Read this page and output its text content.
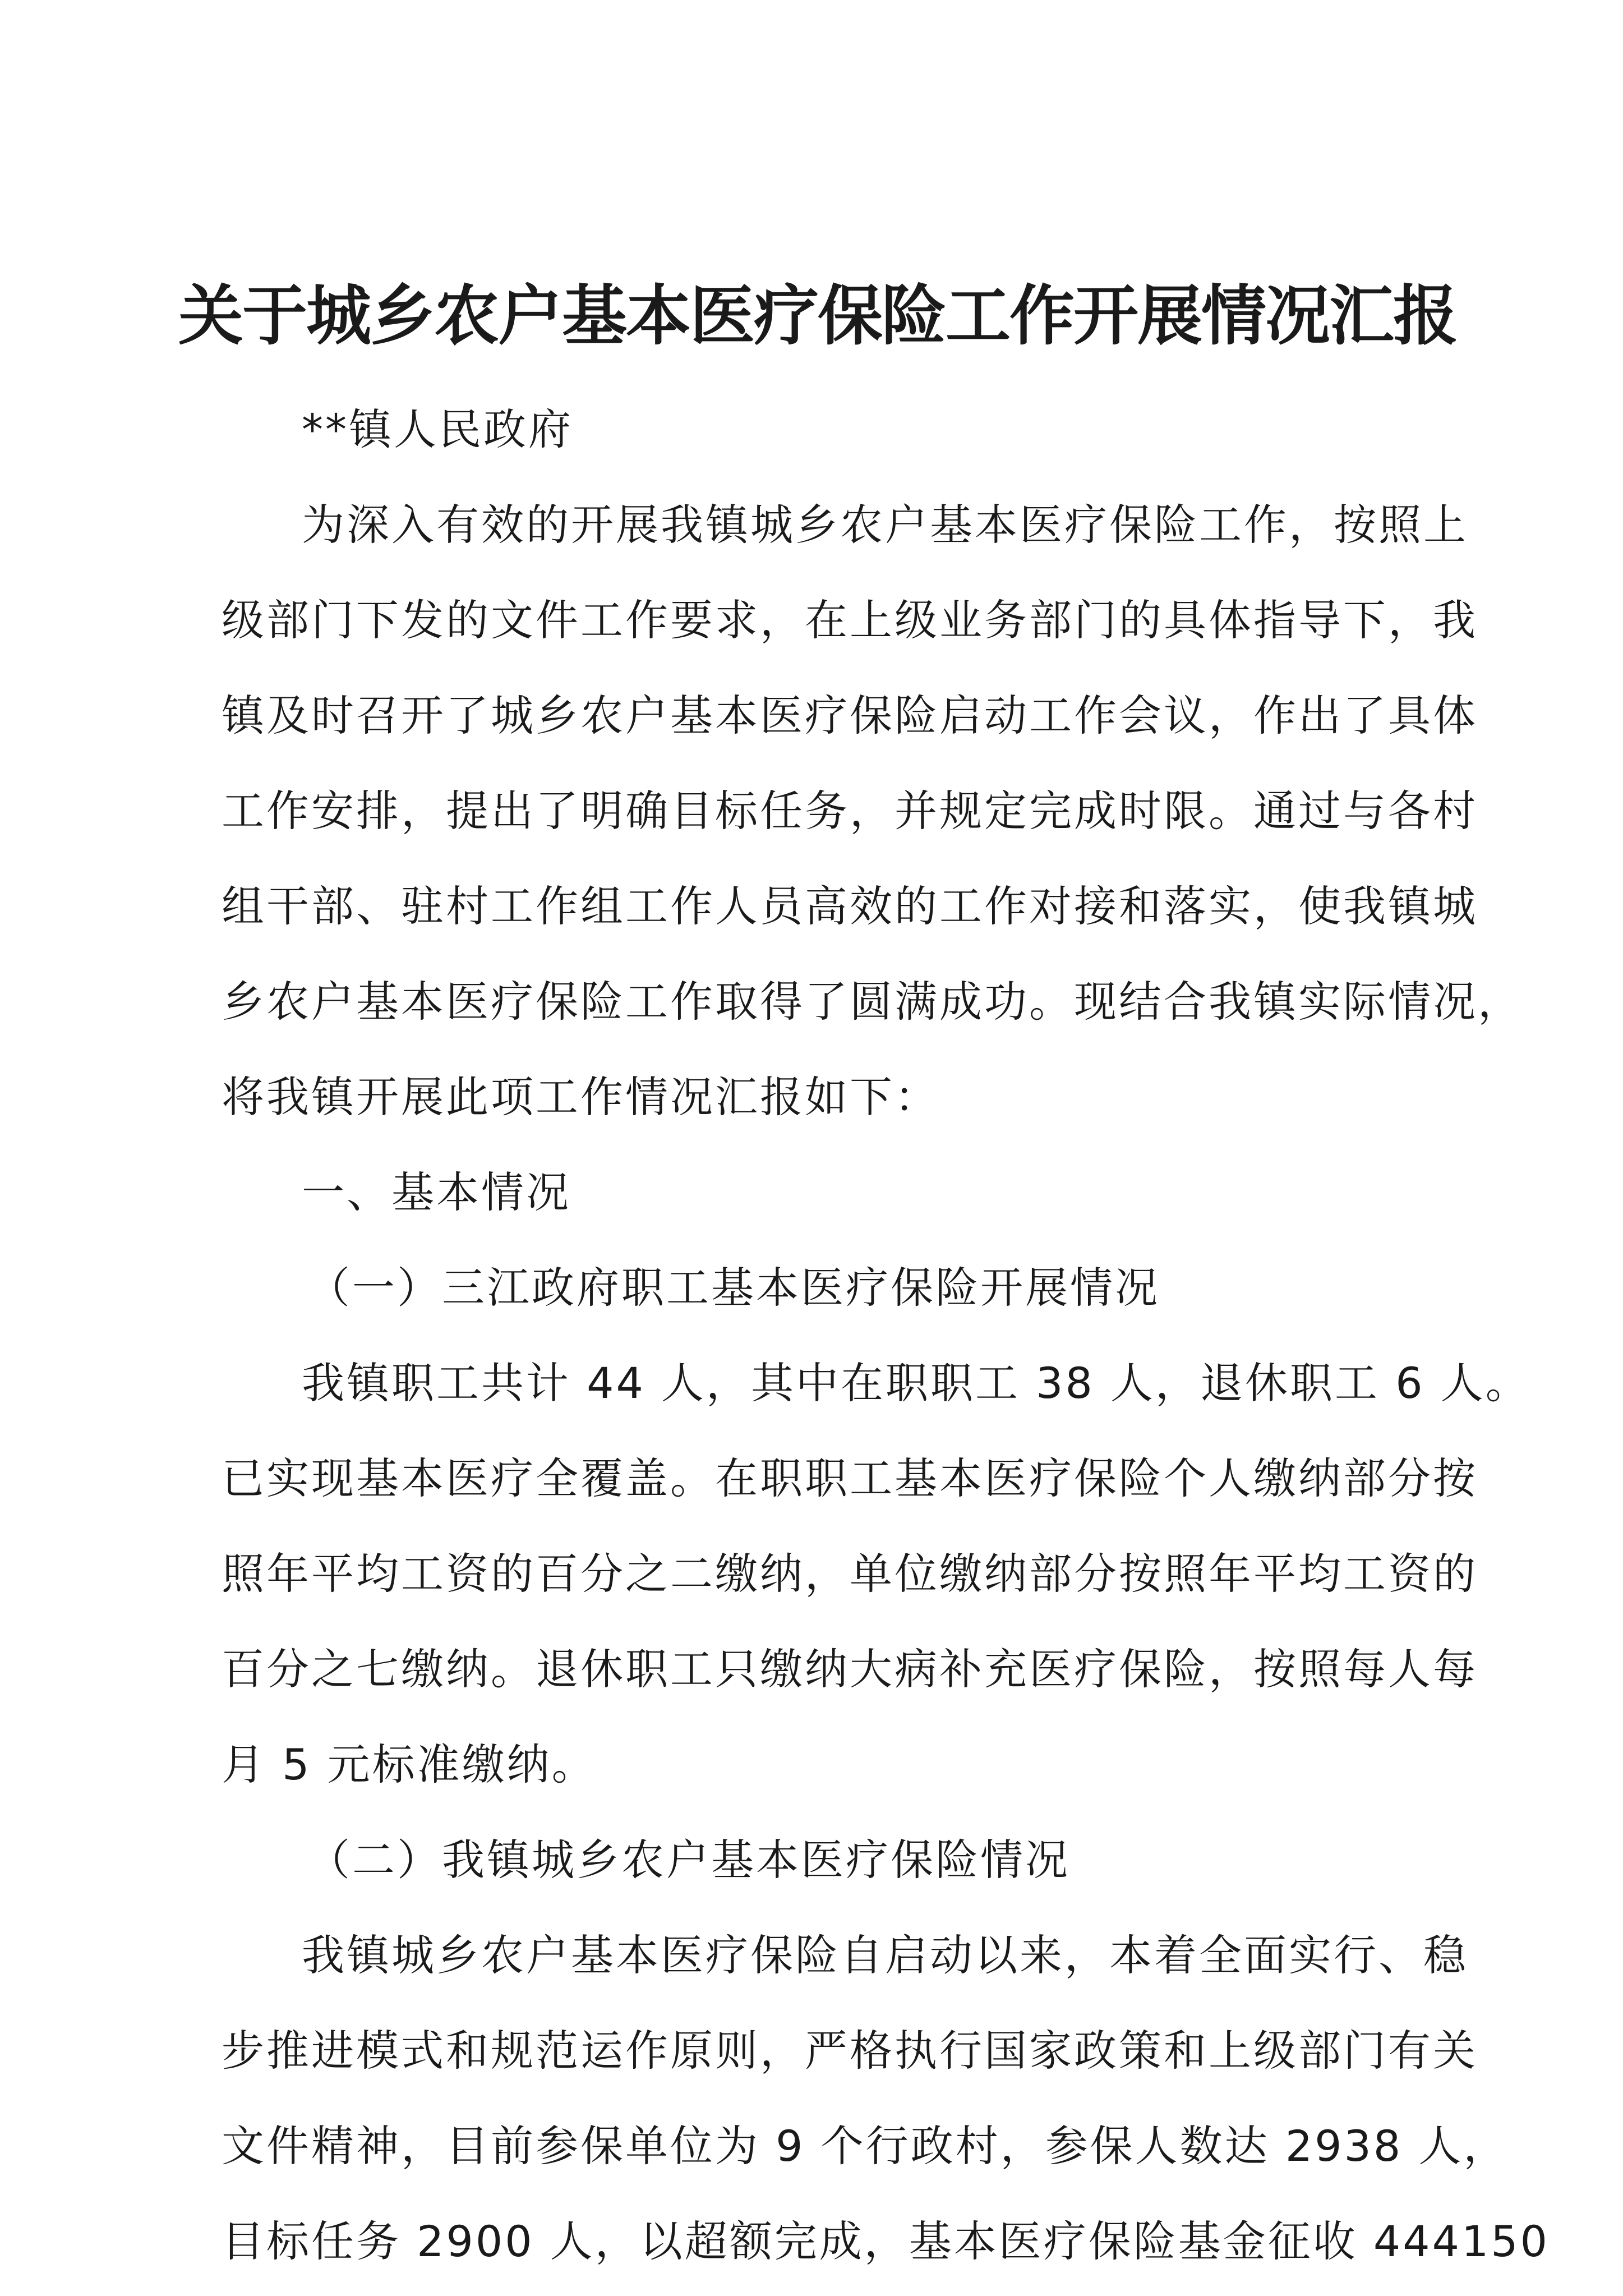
关于城乡农户基本医疗保险工作开展情况汇报
**镇人民政府
为深入有效的开展我镇城乡农户基本医疗保险工作，按照上
级部门下发的文件工作要求，在上级业务部门的具体指导下，我
镇及时召开了城乡农户基本医疗保险启动工作会议，作出了具体
工作安排，提出了明确目标任务，并规定完成时限。通过与各村
组干部、驻村工作组工作人员高效的工作对接和落实，使我镇城
乡农户基本医疗保险工作取得了圆满成功。现结合我镇实际情况，
将我镇开展此项工作情况汇报如下：
一、基本情况
（一）三江政府职工基本医疗保险开展情况
我镇职工共计 44 人，其中在职职工 38 人，退休职工 6 人。
已实现基本医疗全覆盖。在职职工基本医疗保险个人缴纳部分按
照年平均工资的百分之二缴纳，单位缴纳部分按照年平均工资的
百分之七缴纳。退休职工只缴纳大病补充医疗保险，按照每人每
月 5 元标准缴纳。
（二）我镇城乡农户基本医疗保险情况
我镇城乡农户基本医疗保险自启动以来，本着全面实行、稳
步推进模式和规范运作原则，严格执行国家政策和上级部门有关
文件精神，目前参保单位为 9 个行政村，参保人数达 2938 人，
目标任务 2900 人，以超额完成，基本医疗保险基金征收 444150
